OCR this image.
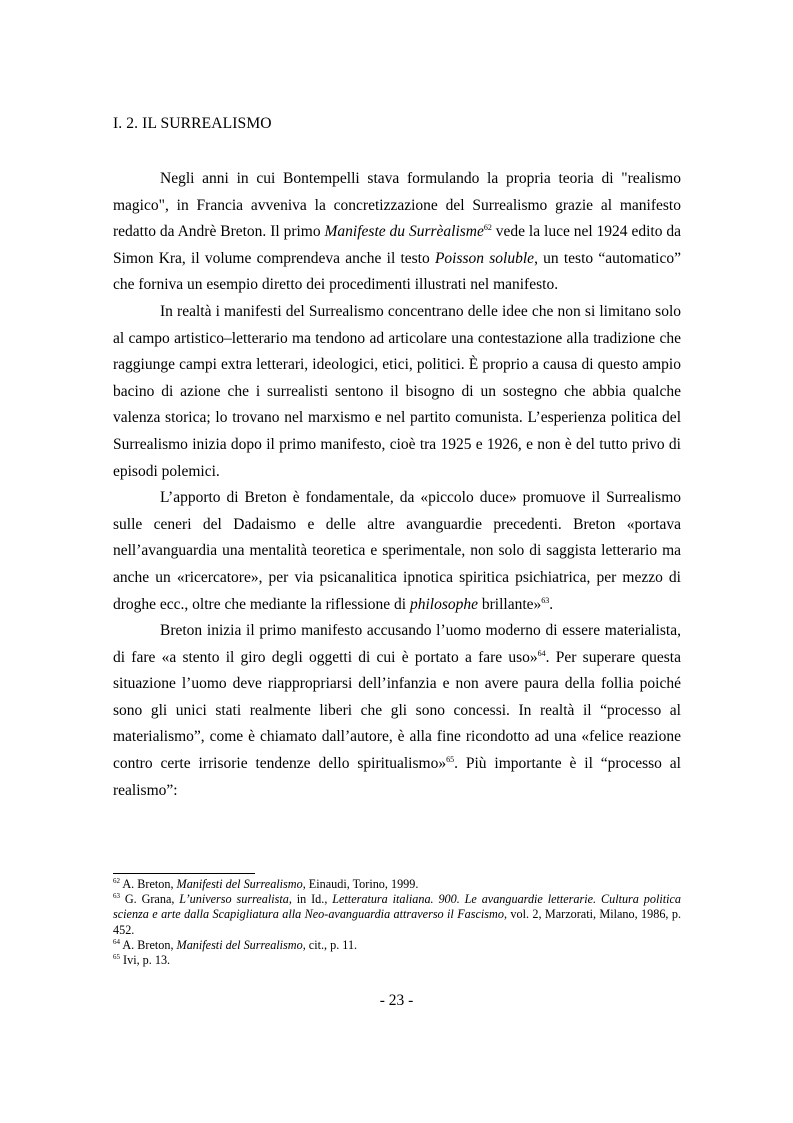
I. 2. IL SURREALISMO

Negli anni in cui Bontempelli stava formulando la propria teoria di "realismo magico", in Francia avveniva la concretizzazione del Surrealismo grazie al manifesto redatto da Andrè Breton. Il primo Manifeste du Surrèalisme$^{62}$ vede la luce nel 1924 edito da Simon Kra, il volume comprendeva anche il testo Poisson soluble, un testo “automatico” che forniva un esempio diretto dei procedimenti illustrati nel manifesto.

In realtà i manifesti del Surrealismo concentrano delle idee che non si limitano solo al campo artistico–letterario ma tendono ad articolare una contestazione alla tradizione che raggiunge campi extra letterari, ideologici, etici, politici. È proprio a causa di questo ampio bacino di azione che i surrealisti sentono il bisogno di un sostegno che abbia qualche valenza storica; lo trovano nel marxismo e nel partito comunista. L’esperienza politica del Surrealismo inizia dopo il primo manifesto, cioè tra 1925 e 1926, e non è del tutto privo di episodi polemici.

L’apporto di Breton è fondamentale, da «piccolo duce» promuove il Surrealismo sulle ceneri del Dadaismo e delle altre avanguardie precedenti. Breton «portava nell’avanguardia una mentalità teoretica e sperimentale, non solo di saggista letterario ma anche un «ricercatore», per via psicanalitica ipnotica spiritica psichiatrica, per mezzo di droghe ecc., oltre che mediante la riflessione di philosophe brillante»$^{63}$.

Breton inizia il primo manifesto accusando l’uomo moderno di essere materialista, di fare «a stento il giro degli oggetti di cui è portato a fare uso»$^{64}$. Per superare questa situazione l’uomo deve riappropriarsi dell’infanzia e non avere paura della follia poiché sono gli unici stati realmente liberi che gli sono concessi. In realtà il “processo al materialismo”, come è chiamato dall’autore, è alla fine ricondotto ad una «felice reazione contro certe irrisorie tendenze dello spiritualismo»$^{65}$. Più importante è il “processo al realismo”:

$^{62}$ A. Breton, Manifesti del Surrealismo, Einaudi, Torino, 1999.

$^{63}$ G. Grana, L’universo surrealista, in Id., Letteratura italiana. 900. Le avanguardie letterarie. Cultura politica scienza e arte dalla Scapigliatura alla Neo-avanguardia attraverso il Fascismo, vol. 2, Marzorati, Milano, 1986, p. 452.

$^{64}$ A. Breton, Manifesti del Surrealismo, cit., p. 11.

$^{65}$ Ivi, p. 13.

- 23 -
